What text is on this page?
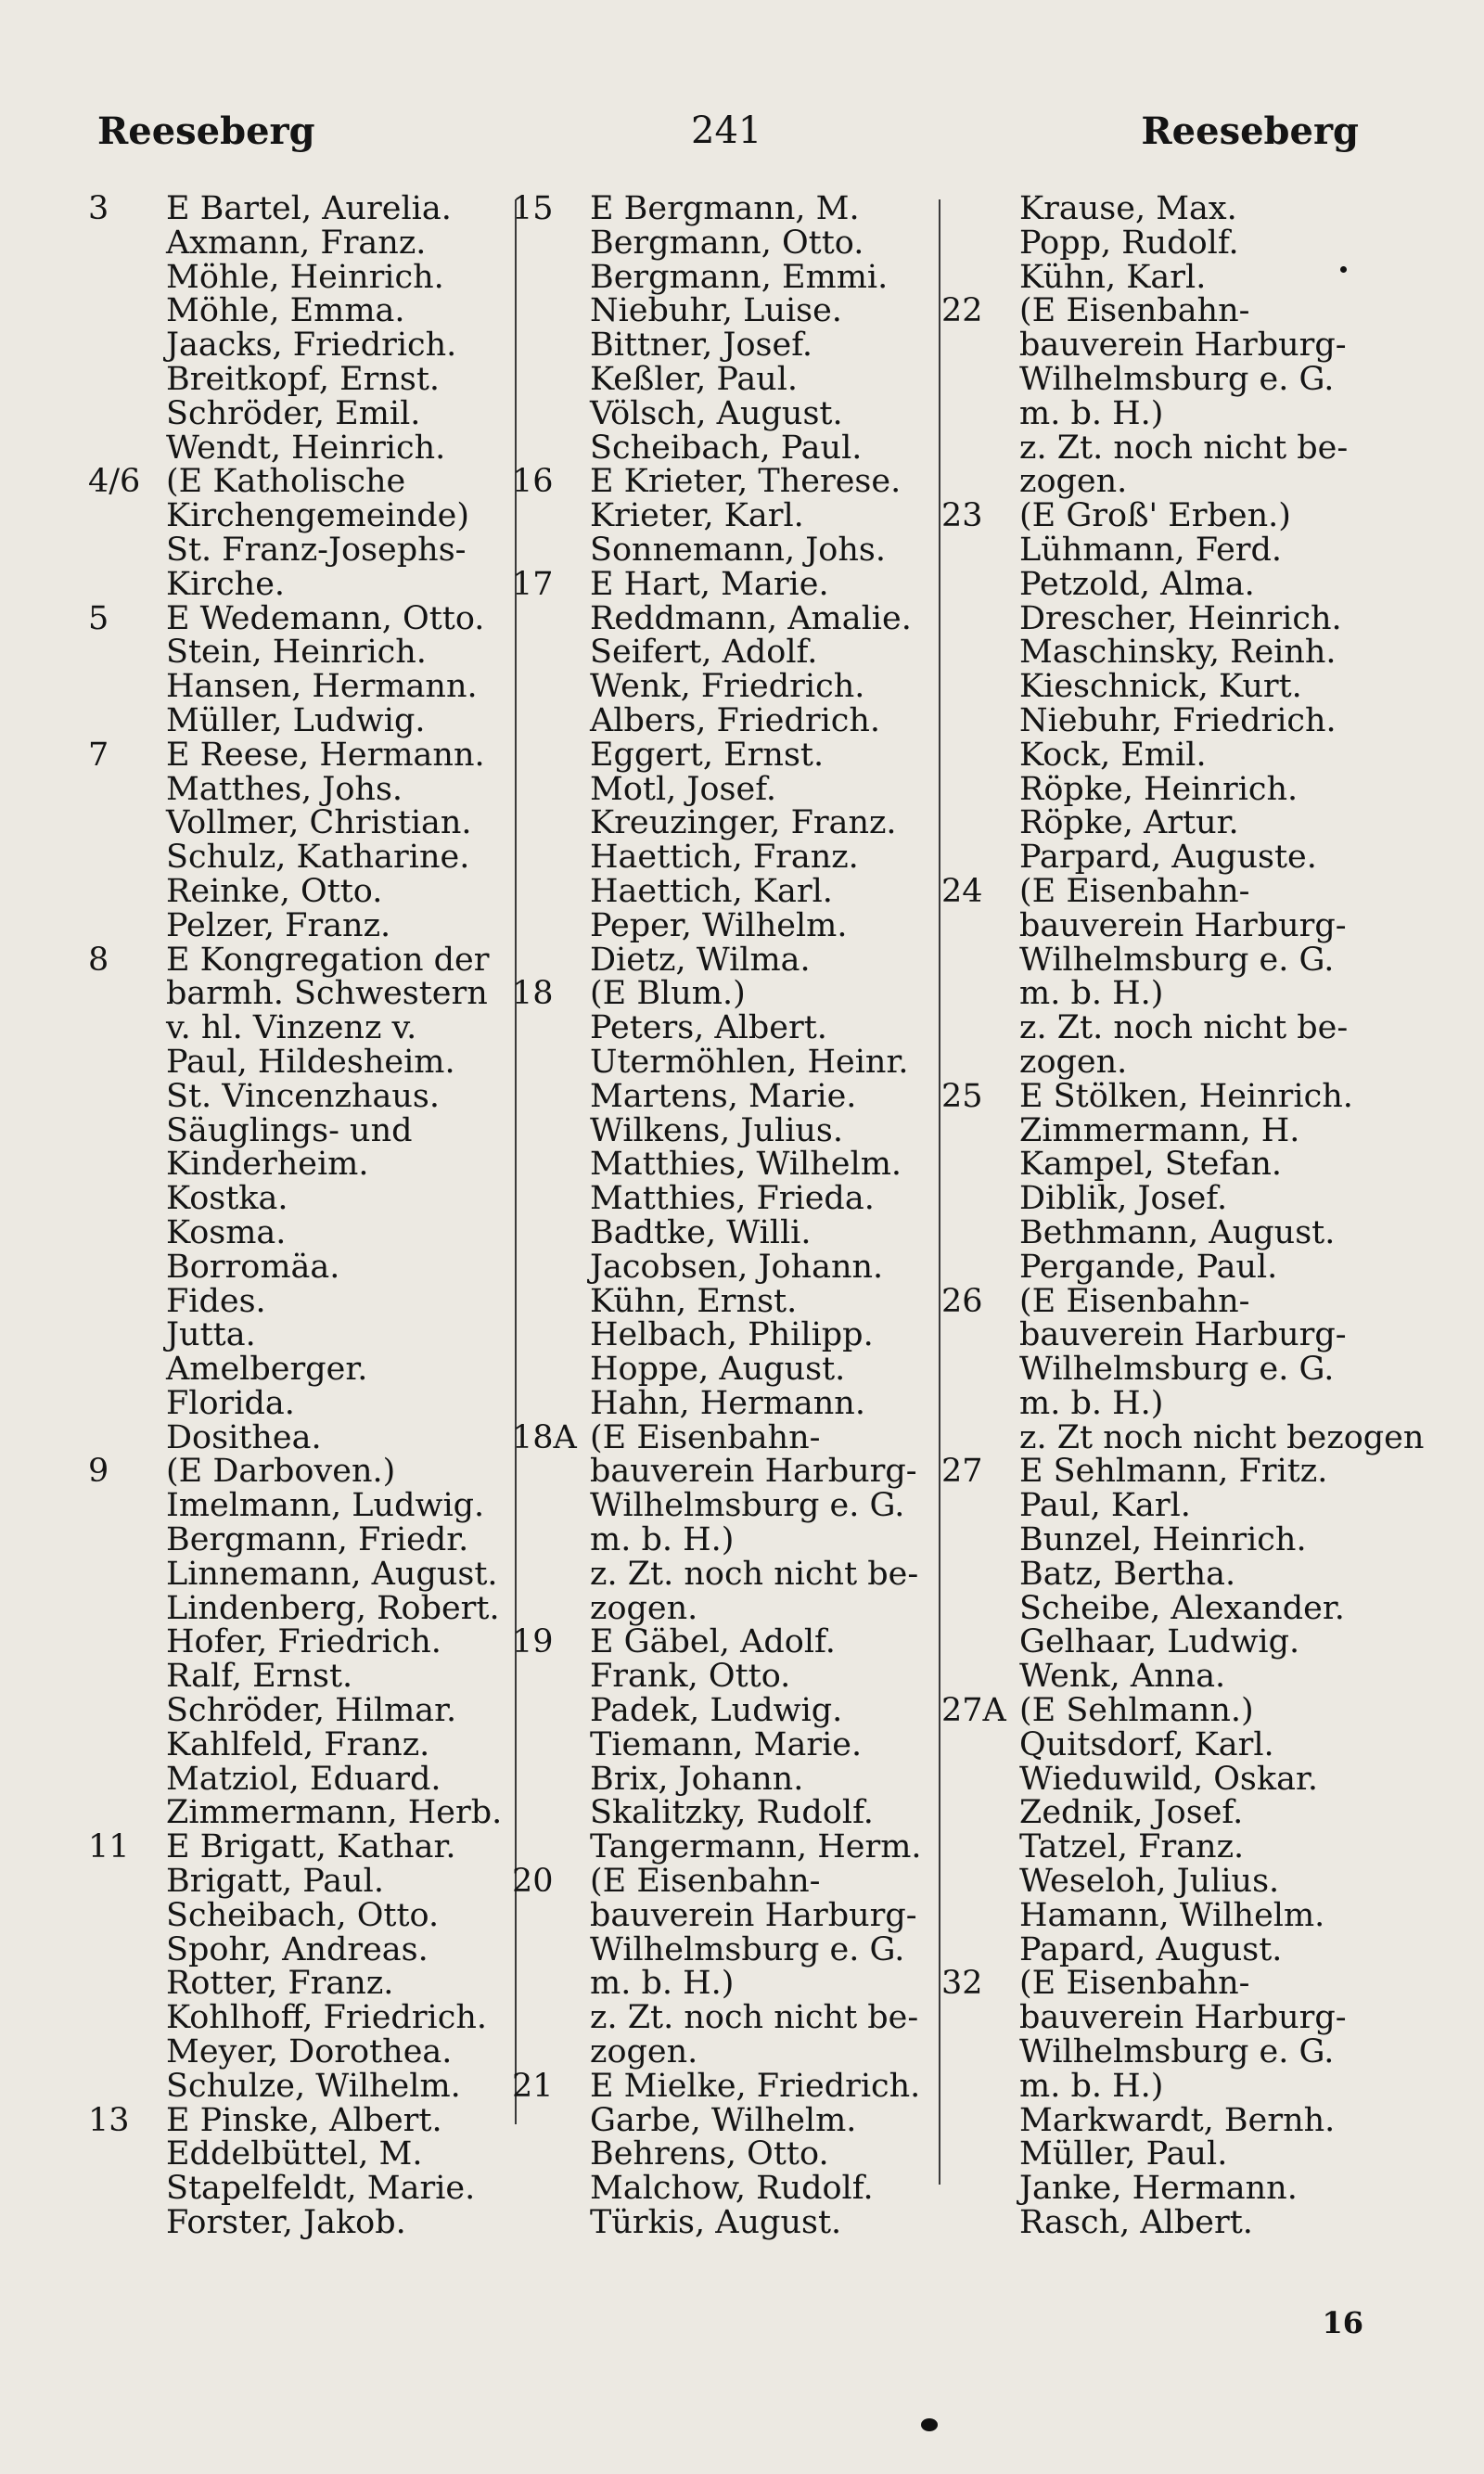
Reeseberg	241	Reeseberg
3 E Bartel, Aurelia.
Axmann, Franz.
Möhle, Heinrich.
Möhle, Emma.
Jaacks, Friedrich.
Breitkopf, Ernst.
Schröder, Emil.
Wendt, Heinrich.
4/6 (E Katholische
Kirchengemeinde)
St. Franz-Josephs-
Kirche.
5 E Wedemann, Otto.
Stein, Heinrich.
Hansen, Hermann.
Müller, Ludwig.
7 E Reese, Hermann.
Matthes, Johs.
Vollmer, Christian.
Schulz, Katharine.
Reinke, Otto.
Pelzer, Franz.
8 E Kongregation der
barmh. Schwestern
v. hl. Vinzenz v.
Paul, Hildesheim.
St. Vincenzhaus.
Säuglings- und
Kinderheim.
Kostka.
Kosma.
Borromäa.
Fides.
Jutta.
Amelberger.
Florida.
Dosithea.
9 (E Darboven.)
Imelmann, Ludwig.
Bergmann, Friedr.
Linnemann, August.
Lindenberg, Robert.
Hofer, Friedrich.
Ralf, Ernst.
Schröder, Hilmar.
Kahlfeld, Franz.
Matziol, Eduard.
Zimmermann, Herb.
11 E Brigatt, Kathar.
Brigatt, Paul.
Scheibach, Otto.
Spohr, Andreas.
Rotter, Franz.
Kohlhoff, Friedrich.
Meyer, Dorothea.
Schulze, Wilhelm.
13 E Pinske, Albert.
Eddelbüttel, M.
Stapelfeldt, Marie.
Forster, Jakob.
15 E Bergmann, M.
Bergmann, Otto.
Bergmann, Emmi.
Niebuhr, Luise.
Bittner, Josef.
Keßler, Paul.
Völsch, August.
Scheibach, Paul.
16 E Krieter, Therese.
Krieter, Karl.
Sonnemann, Johs.
17 E Hart, Marie.
Reddmann, Amalie.
Seifert, Adolf.
Wenk, Friedrich.
Albers, Friedrich.
Eggert, Ernst.
Motl, Josef.
Kreuzinger, Franz.
Haettich, Franz.
Haettich, Karl.
Peper, Wilhelm.
Dietz, Wilma.
18 (E Blum.)
Peters, Albert.
Utermöhlen, Heinr.
Martens, Marie.
Wilkens, Julius.
Matthies, Wilhelm.
Matthies, Frieda.
Badtke, Willi.
Jacobsen, Johann.
Kühn, Ernst.
Helbach, Philipp.
Hoppe, August.
Hahn, Hermann.
18A (E Eisenbahn-
bauverein Harburg-
Wilhelmsburg e. G.
m. b. H.)
z. Zt. noch nicht be-
zogen.
19 E Gäbel, Adolf.
Frank, Otto.
Padek, Ludwig.
Tiemann, Marie.
Brix, Johann.
Skalitzky, Rudolf.
Tangermann, Herm.
20 (E Eisenbahn-
bauverein Harburg-
Wilhelmsburg e. G.
m. b. H.)
z. Zt. noch nicht be-
zogen.
21 E Mielke, Friedrich.
Garbe, Wilhelm.
Behrens, Otto.
Malchow, Rudolf.
Türkis, August.
Krause, Max.
Popp, Rudolf.
Kühn, Karl.
22 (E Eisenbahn-
bauverein Harburg-
Wilhelmsburg e. G.
m. b. H.)
z. Zt. noch nicht be-
zogen.
23 (E Groß' Erben.)
Lühmann, Ferd.
Petzold, Alma.
Drescher, Heinrich.
Maschinsky, Reinh.
Kieschnick, Kurt.
Niebuhr, Friedrich.
Kock, Emil.
Röpke, Heinrich.
Röpke, Artur.
Parpard, Auguste.
24 (E Eisenbahn-
bauverein Harburg-
Wilhelmsburg e. G.
m. b. H.)
z. Zt. noch nicht be-
zogen.
25 E Stölken, Heinrich.
Zimmermann, H.
Kampel, Stefan.
Diblik, Josef.
Bethmann, August.
Pergande, Paul.
26 (E Eisenbahn-
bauverein Harburg-
Wilhelmsburg e. G.
m. b. H.)
z. Zt noch nicht bezogen
27 E Sehlmann, Fritz.
Paul, Karl.
Bunzel, Heinrich.
Batz, Bertha.
Scheibe, Alexander.
Gelhaar, Ludwig.
Wenk, Anna.
27A (E Sehlmann.)
Quitsdorf, Karl.
Wieduwild, Oskar.
Zednik, Josef.
Tatzel, Franz.
Weseloh, Julius.
Hamann, Wilhelm.
Papard, August.
32 (E Eisenbahn-
bauverein Harburg-
Wilhelmsburg e. G.
m. b. H.)
Markwardt, Bernh.
Müller, Paul.
Janke, Hermann.
Rasch, Albert.
16
